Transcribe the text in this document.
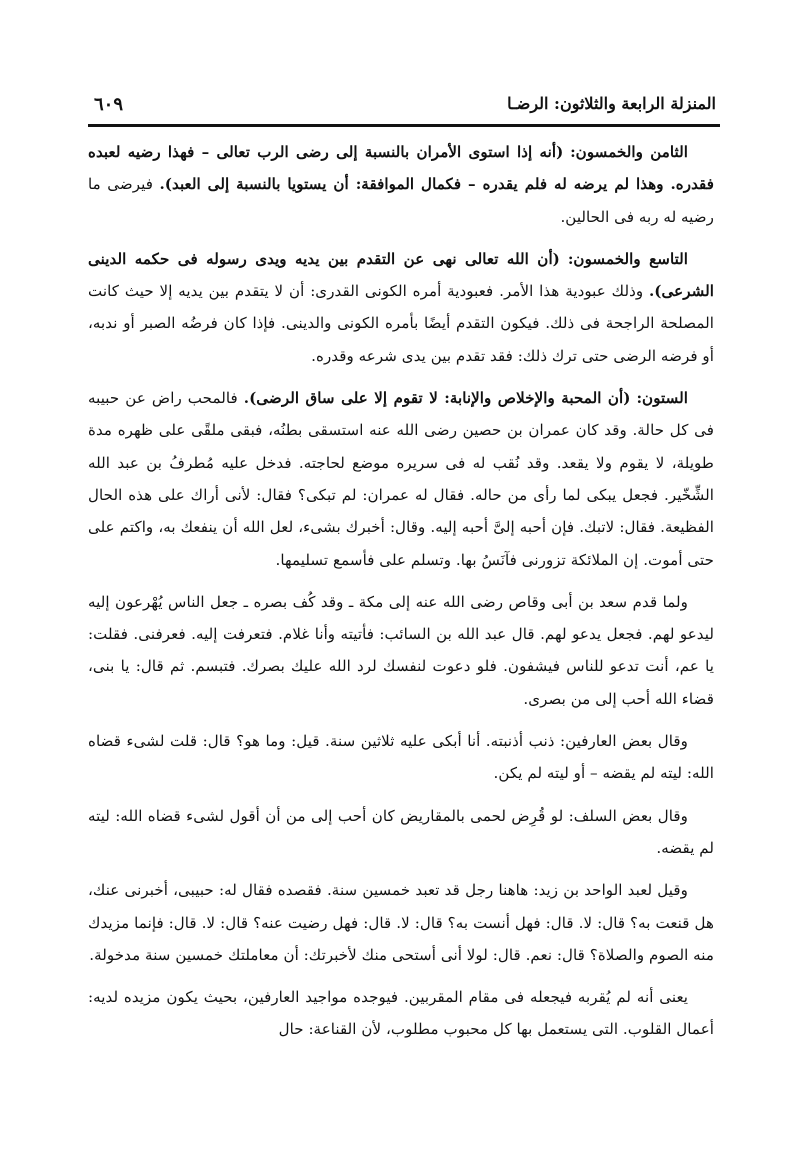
المنزلة الرابعة والثلاثون: الرضـا
٦٠٩

الثامن والخمسون: (أنه إذا استوى الأمران بالنسبة إلى رضى الرب تعالى – فهذا رضيه لعبده فقدره. وهذا لم يرضه له فلم يقدره – فكمال الموافقة: أن يستويا بالنسبة إلى العبد). فيرضى ما رضيه له ربه فى الحالين.

التاسع والخمسون: (أن الله تعالى نهى عن التقدم بين يديه ويدى رسوله فى حكمه الدينى الشرعى). وذلك عبودية هذا الأمر. فعبودية أمره الكونى القدرى: أن لا يتقدم بين يديه إلا حيث كانت المصلحة الراجحة فى ذلك. فيكون التقدم أيضًا بأمره الكونى والدينى. فإذا كان فرضُه الصبر أو ندبه، أو فرضه الرضى حتى ترك ذلك: فقد تقدم بين يدى شرعه وقدره.

الستون: (أن المحبة والإخلاص والإنابة: لا تقوم إلا على ساق الرضى). فالمحب راض عن حبيبه فى كل حالة. وقد كان عمران بن حصين رضى الله عنه استسقى بطنُه، فبقى ملقًى على ظهره مدة طويلة، لا يقوم ولا يقعد. وقد نُقب له فى سريره موضع لحاجته. فدخل عليه مُطرفُ بن عبد الله الشِّخّير. فجعل يبكى لما رأى من حاله. فقال له عمران: لم تبكى؟ فقال: لأنى أراك على هذه الحال الفظيعة. فقال: لاتبك. فإن أحبه إلىَّ أحبه إليه. وقال: أخبرك بشىء، لعل الله أن ينفعك به، واكتم على حتى أموت. إن الملائكة تزورنى فآنَسُ بها. وتسلم على فأسمع تسليمها.

ولما قدم سعد بن أبى وقاص رضى الله عنه إلى مكة ـ وقد كُف بصره ـ جعل الناس يُهْرعون إليه ليدعو لهم. فجعل يدعو لهم. قال عبد الله بن السائب: فأتيته وأنا غلام. فتعرفت إليه. فعرفنى. فقلت: يا عم، أنت تدعو للناس فيشفون. فلو دعوت لنفسك لرد الله عليك بصرك. فتبسم. ثم قال: يا بنى، قضاء الله أحب إلى من بصرى.

وقال بعض العارفين: ذنب أذنبته. أنا أبكى عليه ثلاثين سنة. قيل: وما هو؟ قال: قلت لشىء قضاه الله: ليته لم يقضه – أو ليته لم يكن.

وقال بعض السلف: لو قُرِض لحمى بالمقاريض كان أحب إلى من أن أقول لشىء قضاه الله: ليته لم يقضه.

وقيل لعبد الواحد بن زيد: هاهنا رجل قد تعبد خمسين سنة. فقصده فقال له: حبيبى، أخبرنى عنك، هل قنعت به؟ قال: لا. قال: فهل أنست به؟ قال: لا. قال: فهل رضيت عنه؟ قال: لا. قال: فإنما مزيدك منه الصوم والصلاة؟ قال: نعم. قال: لولا أنى أستحى منك لأخبرتك: أن معاملتك خمسين سنة مدخولة.

يعنى أنه لم يُقربه فيجعله فى مقام المقربين. فيوجده مواجيد العارفين، بحيث يكون مزيده لديه: أعمال القلوب. التى يستعمل بها كل محبوب مطلوب، لأن القناعة: حال
